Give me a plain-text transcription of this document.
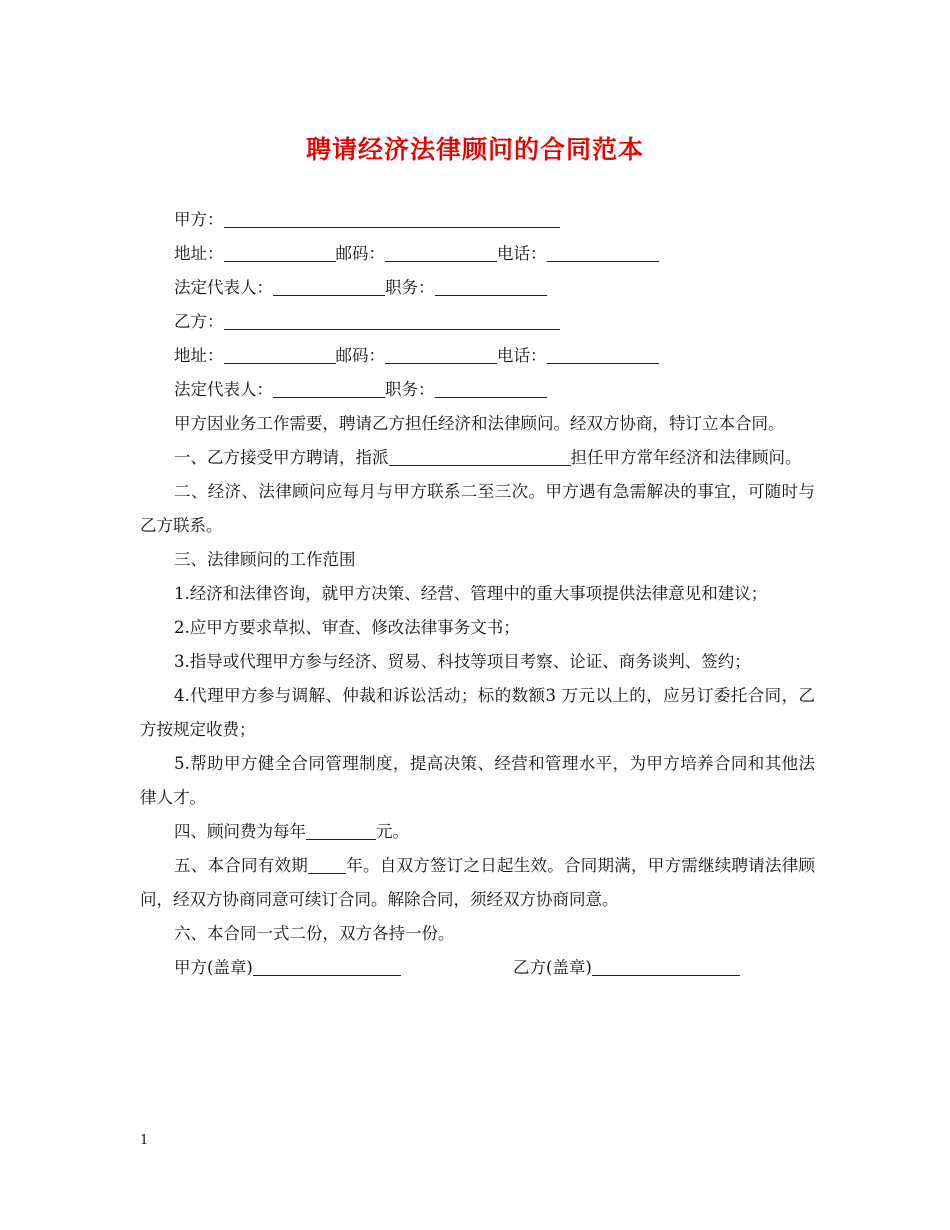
聘请经济法律顾问的合同范本
甲方：
地址：	邮码：	电话：
法定代表人：	职务：
乙方：
地址：	邮码：	电话：
法定代表人：	职务：
甲方因业务工作需要，聘请乙方担任经济和法律顾问。经双方协商，特订立本合同。
一、乙方接受甲方聘请，指派	担任甲方常年经济和法律顾问。
二、经济、法律顾问应每月与甲方联系二至三次。甲方遇有急需解决的事宜，可随时与乙方联系。
三、法律顾问的工作范围
1.经济和法律咨询，就甲方决策、经营、管理中的重大事项提供法律意见和建议；
2.应甲方要求草拟、审查、修改法律事务文书；
3.指导或代理甲方参与经济、贸易、科技等项目考察、论证、商务谈判、签约；
4.代理甲方参与调解、仲裁和诉讼活动；标的数额3 万元以上的，应另订委托合同，乙方按规定收费；
5.帮助甲方健全合同管理制度，提高决策、经营和管理水平，为甲方培养合同和其他法律人才。
四、顾问费为每年	元。
五、本合同有效期 年。自双方签订之日起生效。合同期满，甲方需继续聘请法律顾问，经双方协商同意可续订合同。解除合同，须经双方协商同意。
六、本合同一式二份，双方各持一份。
甲方(盖章)	乙方(盖章)
1
